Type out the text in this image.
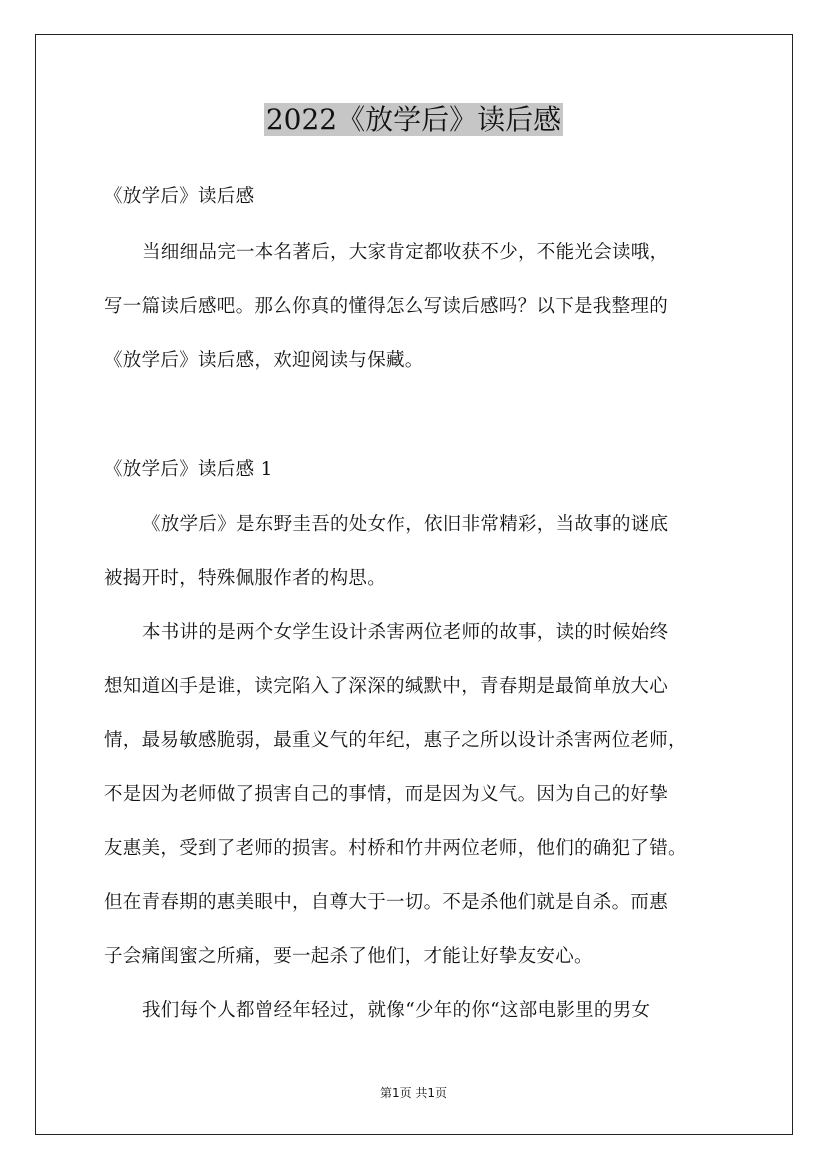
2022《放学后》读后感
《放学后》读后感
当细细品完一本名著后，大家肯定都收获不少，不能光会读哦，
写一篇读后感吧。那么你真的懂得怎么写读后感吗？以下是我整理的
《放学后》读后感，欢迎阅读与保藏。
《放学后》读后感 1
《放学后》是东野圭吾的处女作，依旧非常精彩，当故事的谜底
被揭开时，特殊佩服作者的构思。
本书讲的是两个女学生设计杀害两位老师的故事，读的时候始终
想知道凶手是谁，读完陷入了深深的缄默中，青春期是最简单放大心
情，最易敏感脆弱，最重义气的年纪，惠子之所以设计杀害两位老师，
不是因为老师做了损害自己的事情，而是因为义气。因为自己的好挚
友惠美，受到了老师的损害。村桥和竹井两位老师，他们的确犯了错。
但在青春期的惠美眼中，自尊大于一切。不是杀他们就是自杀。而惠
子会痛闺蜜之所痛，要一起杀了他们，才能让好挚友安心。
我们每个人都曾经年轻过，就像“少年的你“这部电影里的男女
第1页 共1页
